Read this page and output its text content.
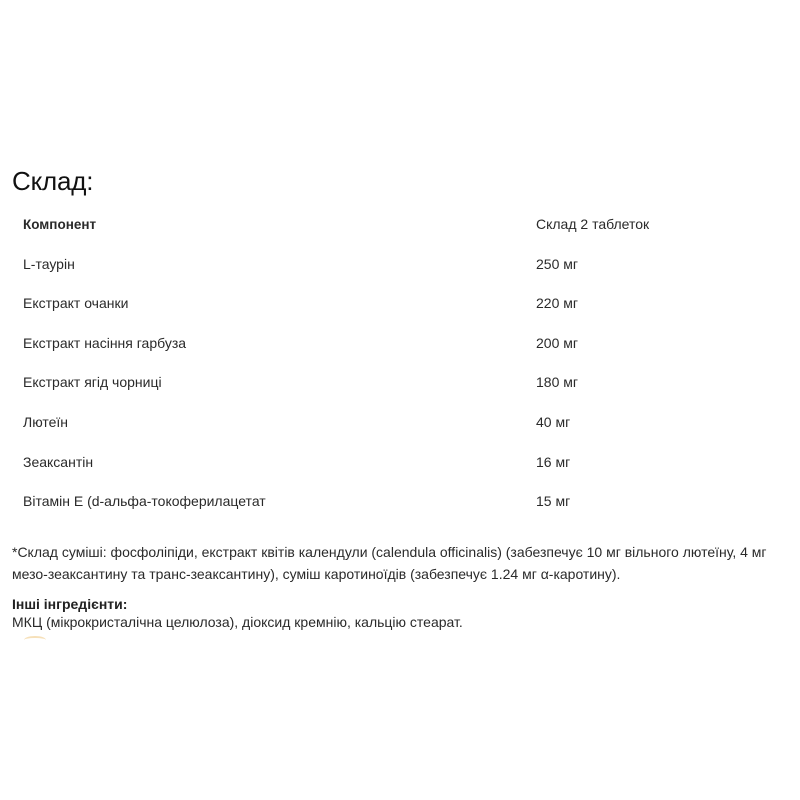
Склад:
Компонент	Склад 2 таблеток
L-таурін	250 мг
Екстракт очанки	220 мг
Екстракт насіння гарбуза	200 мг
Екстракт ягід чорниці	180 мг
Лютеїн	40 мг
Зеаксантін	16 мг
Вітамін Е (d-альфа-токоферилацетат	15 мг

*Склад суміші: фосфоліпіди, екстракт квітів календули (calendula officinalis) (забезпечує 10 мг вільного лютеїну, 4 мг мезо-зеаксантину та транс-зеаксантину), суміш каротиноїдів (забезпечує 1.24 мг α-каротину).

Інші інгредієнти:

МКЦ (мікрокристалічна целюлоза), діоксид кремнію, кальцію стеарат.
